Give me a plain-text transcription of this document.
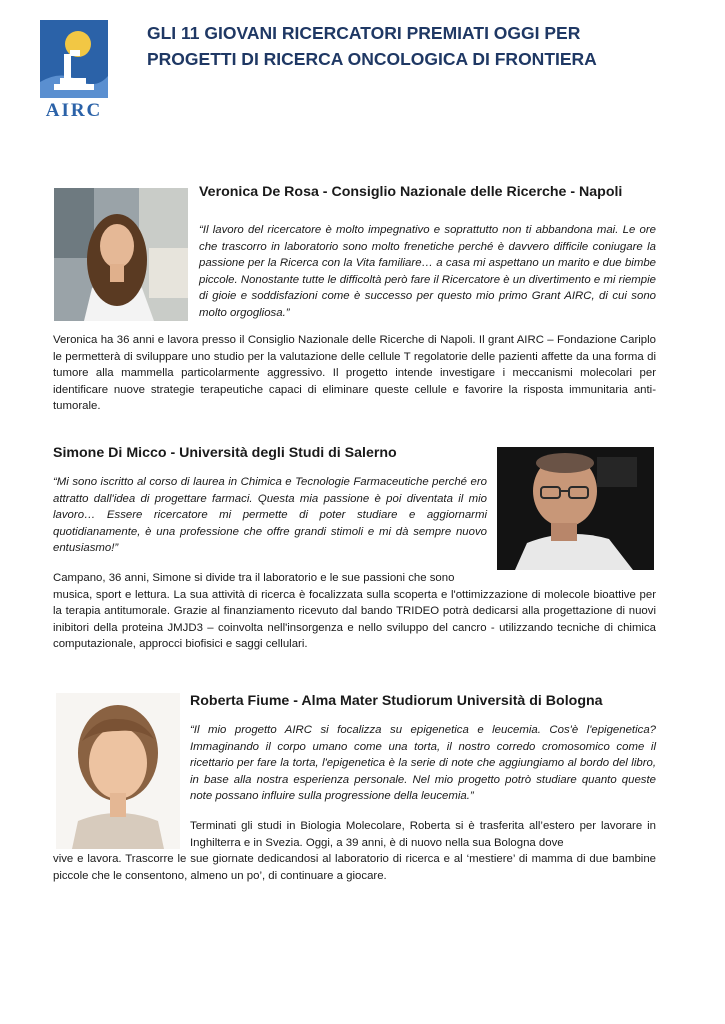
AIRC
GLI 11 GIOVANI RICERCATORI PREMIATI OGGI PER PROGETTI DI RICERCA ONCOLOGICA DI FRONTIERA
Veronica De Rosa - Consiglio Nazionale delle Ricerche - Napoli

“Il lavoro del ricercatore è molto impegnativo e soprattutto non ti abbandona mai. Le ore che trascorro in laboratorio sono molto frenetiche perché è davvero difficile coniugare la passione per la Ricerca con la Vita familiare… a casa mi aspettano un marito e due bimbe piccole. Nonostante tutte le difficoltà però fare il Ricercatore è un divertimento e mi riempie di gioie e soddisfazioni come è successo per questo mio primo Grant AIRC, di cui sono molto orgogliosa.”

Veronica ha 36 anni e lavora presso il Consiglio Nazionale delle Ricerche di Napoli. Il grant AIRC – Fondazione Cariplo le permetterà di sviluppare uno studio per la valutazione delle cellule T regolatorie delle pazienti affette da una forma di tumore alla mammella particolarmente aggressivo. Il progetto intende investigare i meccanismi molecolari per identificare nuove strategie terapeutiche capaci di eliminare queste cellule e favorire la risposta immunitaria anti-tumorale.

Simone Di Micco - Università degli Studi di Salerno

“Mi sono iscritto al corso di laurea in Chimica e Tecnologie Farmaceutiche perché ero attratto dall'idea di progettare farmaci. Questa mia passione è poi diventata il mio lavoro… Essere ricercatore mi permette di poter studiare e aggiornarmi quotidianamente, è una professione che offre grandi stimoli e mi dà sempre nuovo entusiasmo!”

Campano, 36 anni, Simone si divide tra il laboratorio e le sue passioni che sono

musica, sport e lettura. La sua attività di ricerca è focalizzata sulla scoperta e l'ottimizzazione di molecole bioattive per la terapia antitumorale. Grazie al finanziamento ricevuto dal bando TRIDEO potrà dedicarsi alla progettazione di nuovi inibitori della proteina JMJD3 – coinvolta nell'insorgenza e nello sviluppo del cancro - utilizzando tecniche di chimica computazionale, approcci biofisici e saggi cellulari.

Roberta Fiume - Alma Mater Studiorum Università di Bologna

“Il mio progetto AIRC si focalizza su epigenetica e leucemia. Cos'è l'epigenetica? Immaginando il corpo umano come una torta, il nostro corredo cromosomico come il ricettario per fare la torta, l'epigenetica è la serie di note che aggiungiamo al bordo del libro, in base alla nostra esperienza personale. Nel mio progetto potrò studiare quanto queste note possano influire sulla progressione della leucemia.”

Terminati gli studi in Biologia Molecolare, Roberta si è trasferita all’estero per lavorare in Inghilterra e in Svezia. Oggi, a 39 anni, è di nuovo nella sua Bologna dove

vive e lavora. Trascorre le sue giornate dedicandosi al laboratorio di ricerca e al ‘mestiere’ di mamma di due bambine piccole che le consentono, almeno un po’, di continuare a giocare.
